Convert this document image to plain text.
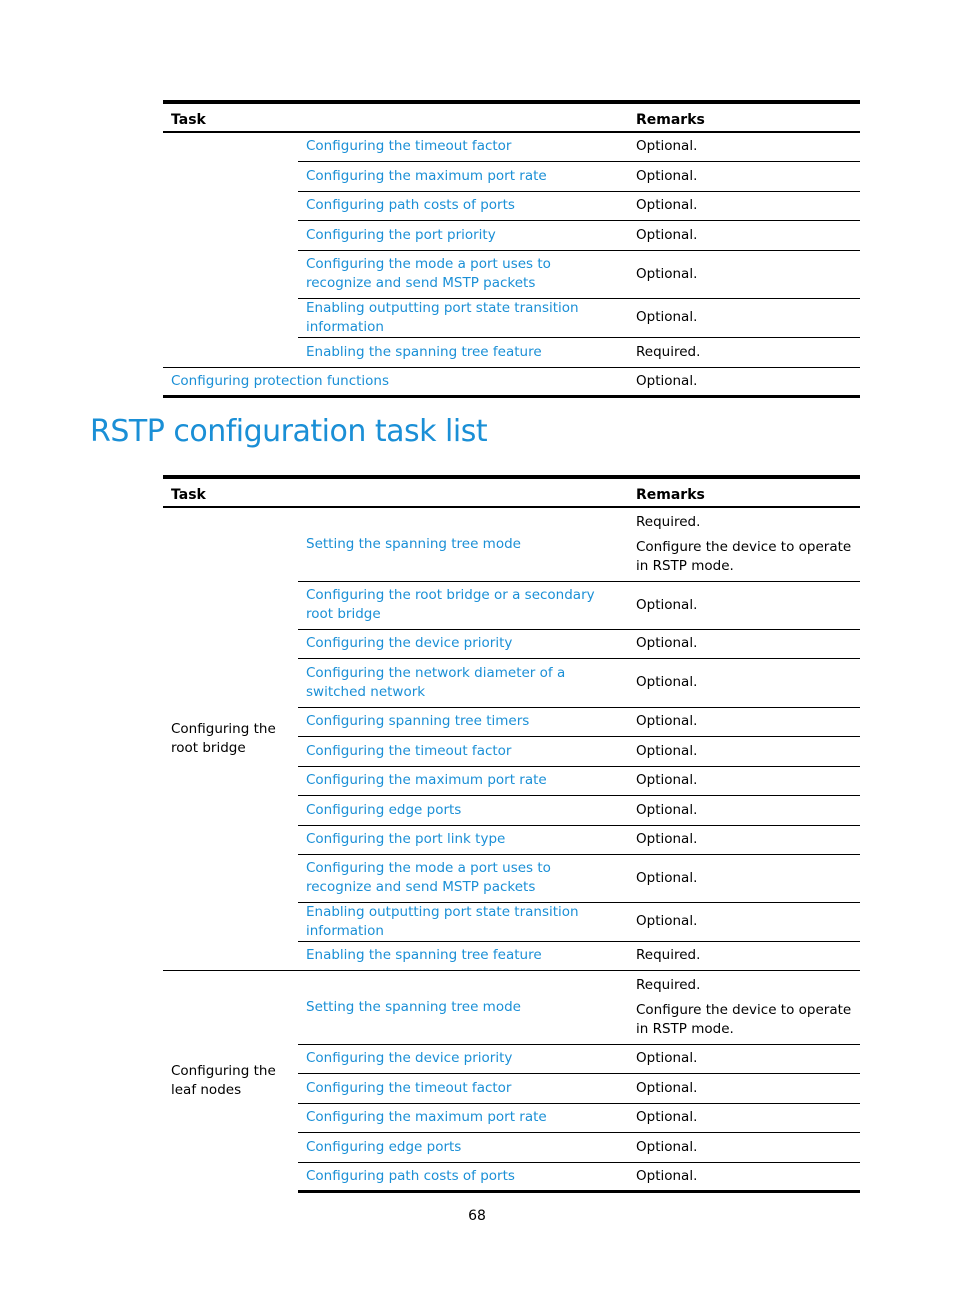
Task		Remarks
	Configuring the timeout factor	Optional.
	Configuring the maximum port rate	Optional.
	Configuring path costs of ports	Optional.
	Configuring the port priority	Optional.
	Configuring the mode a port uses to recognize and send MSTP packets	Optional.
	Enabling outputting port state transition information	Optional.
	Enabling the spanning tree feature	Required.
Configuring protection functions		Optional.
RSTP configuration task list
Task		Remarks
Configuring the root bridge	Setting the spanning tree mode	Required.

Configure the device to operate in RSTP mode.

	Configuring the root bridge or a secondary root bridge	Optional.
	Configuring the device priority	Optional.
	Configuring the network diameter of a switched network	Optional.
	Configuring spanning tree timers	Optional.
	Configuring the timeout factor	Optional.
	Configuring the maximum port rate	Optional.
	Configuring edge ports	Optional.
	Configuring the port link type	Optional.
	Configuring the mode a port uses to recognize and send MSTP packets	Optional.
	Enabling outputting port state transition information	Optional.
	Enabling the spanning tree feature	Required.
Configuring the leaf nodes	Setting the spanning tree mode	Required.

Configure the device to operate in RSTP mode.

	Configuring the device priority	Optional.
	Configuring the timeout factor	Optional.
	Configuring the maximum port rate	Optional.
	Configuring edge ports	Optional.
	Configuring path costs of ports	Optional.
68
